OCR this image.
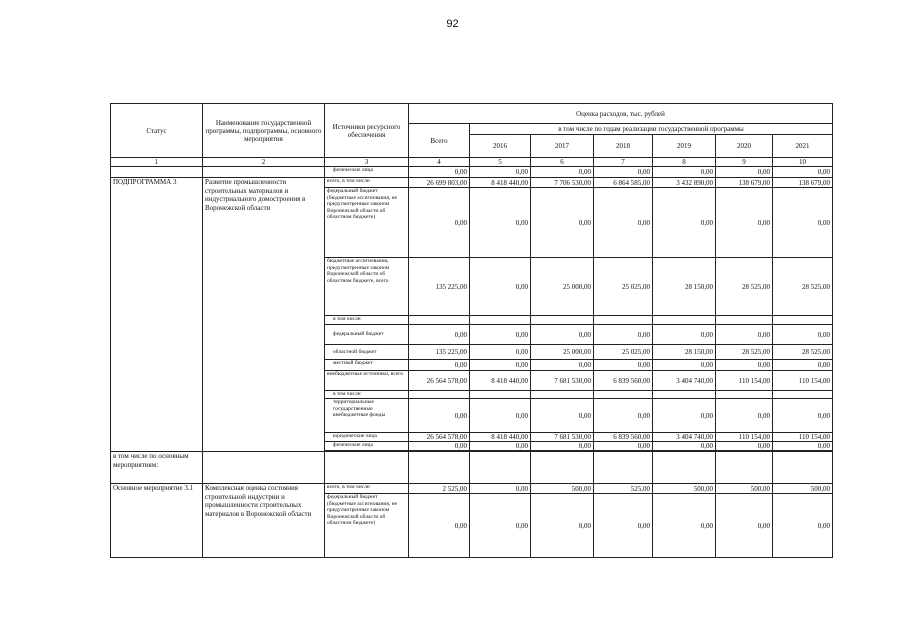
92
Статус	Наименование государственной программы, подпрограммы, основного мероприятия	Источники ресурсного обеспечения	Оценка расходов, тыс. рублей						
			Всего	в том числе по годам реализации государственной программы					
				2016	2017	2018	2019	2020	2021
1	2	3	4	5	6	7	8	9	10
		физические лица	0,00	0,00	0,00	0,00	0,00	0,00	0,00
ПОДПРОГРАММА 3	Развитие промышленности строительных материалов и индустриального домостроения в Воронежской области	всего, в том числе:	26 699 803,00	8 418 440,00	7 706 530,00	6 864 585,00	3 432 890,00	138 679,00	138 679,00
		федеральный бюджет (бюджетные ассигнования, не предусмотренные законом Воронежской области об областном бюджете)	0,00	0,00	0,00	0,00	0,00	0,00	0,00
		бюджетные ассигнования, предусмотренные законом Воронежской области об областном бюджете, всего	135 225,00	0,00	25 000,00	25 025,00	28 150,00	28 525,00	28 525,00
		в том числе:							
		федеральный бюджет	0,00	0,00	0,00	0,00	0,00	0,00	0,00
		областной бюджет	135 225,00	0,00	25 000,00	25 025,00	28 150,00	28 525,00	28 525,00
		местный бюджет	0,00	0,00	0,00	0,00	0,00	0,00	0,00
		внебюджетные источники, всего	26 564 578,00	8 418 440,00	7 681 530,00	6 839 560,00	3 404 740,00	110 154,00	110 154,00
		в том числе:							
		территориальные государственные внебюджетные фонды	0,00	0,00	0,00	0,00	0,00	0,00	0,00
		юридические лица	26 564 578,00	8 418 440,00	7 681 530,00	6 839 560,00	3 404 740,00	110 154,00	110 154,00
		физические лица	0,00	0,00	0,00	0,00	0,00	0,00	0,00

в том числе по основным мероприятиям:									
Основное мероприятие 3.1	Комплексная оценка состояния строительной индустрии и промышленности строительных материалов в Воронежской области	всего, в том числе:	2 525,00	0,00	500,00	525,00	500,00	500,00	500,00
		федеральный бюджет (бюджетные ассигнования, не предусмотренные законом Воронежской области об областном бюджете)	0,00	0,00	0,00	0,00	0,00	0,00	0,00
